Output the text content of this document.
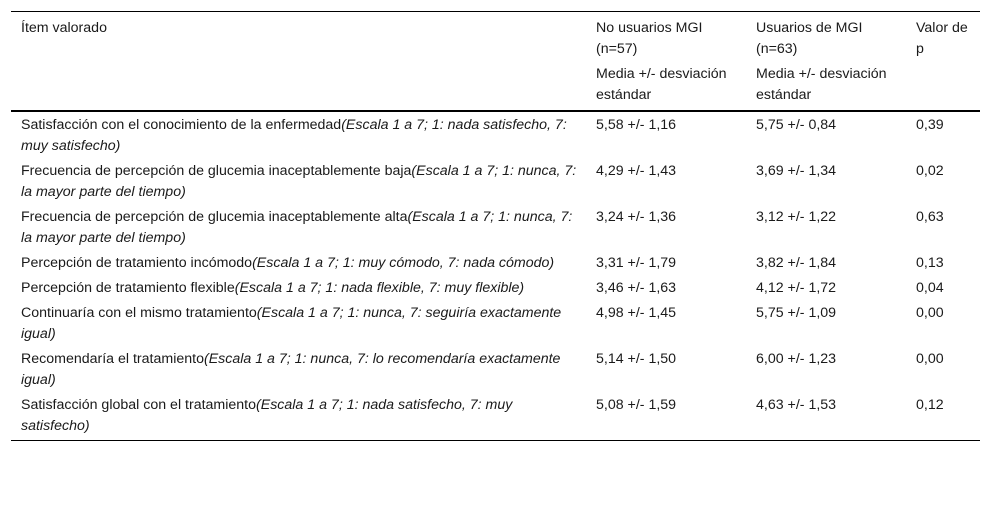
Ítem valorado	No usuarios MGI (n=57)	Usuarios de MGI (n=63)	Valor de p
	Media +/- desviación estándar	Media +/- desviación estándar	
Satisfacción con el conocimiento de la enfermedad(Escala 1 a 7; 1: nada satisfecho, 7: muy satisfecho)	5,58 +/- 1,16	5,75 +/- 0,84	0,39
Frecuencia de percepción de glucemia inaceptablemente baja(Escala 1 a 7; 1: nunca, 7: la mayor parte del tiempo)	4,29 +/- 1,43	3,69 +/- 1,34	0,02
Frecuencia de percepción de glucemia inaceptablemente alta(Escala 1 a 7; 1: nunca, 7: la mayor parte del tiempo)	3,24 +/- 1,36	3,12 +/- 1,22	0,63
Percepción de tratamiento incómodo(Escala 1 a 7; 1: muy cómodo, 7: nada cómodo)	3,31 +/- 1,79	3,82 +/- 1,84	0,13
Percepción de tratamiento flexible(Escala 1 a 7; 1: nada flexible, 7: muy flexible)	3,46 +/- 1,63	4,12 +/- 1,72	0,04
Continuaría con el mismo tratamiento(Escala 1 a 7; 1: nunca, 7: seguiría exactamente igual)	4,98 +/- 1,45	5,75 +/- 1,09	0,00
Recomendaría el tratamiento(Escala 1 a 7; 1: nunca, 7: lo recomendaría exactamente igual)	5,14 +/- 1,50	6,00 +/- 1,23	0,00
Satisfacción global con el tratamiento(Escala 1 a 7; 1: nada satisfecho, 7: muy satisfecho)	5,08 +/- 1,59	4,63 +/- 1,53	0,12
